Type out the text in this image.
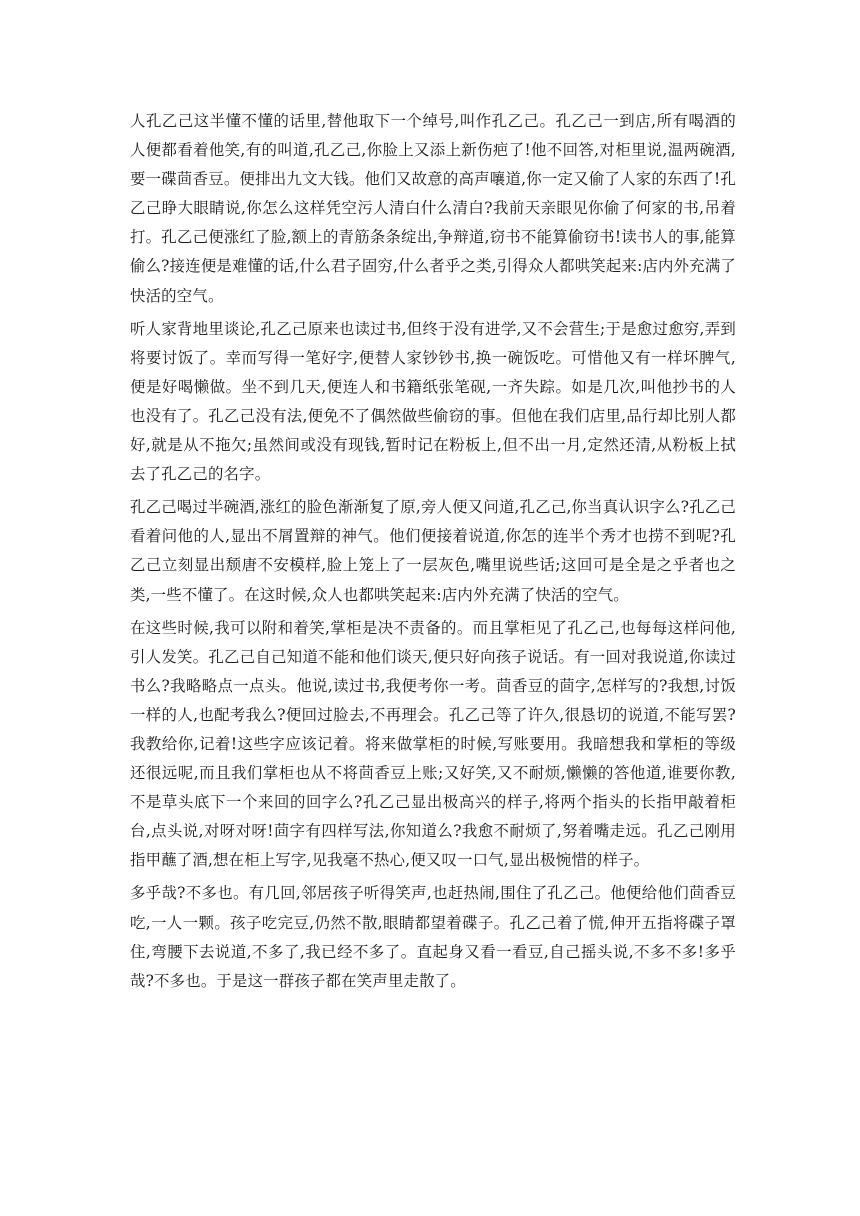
人孔乙己这半懂不懂的话里,替他取下一个绰号,叫作孔乙己。孔乙己一到店,所有喝酒的人便都看着他笑,有的叫道,孔乙己,你脸上又添上新伤疤了!他不回答,对柜里说,温两碗酒,要一碟茴香豆。便排出九文大钱。他们又故意的高声嚷道,你一定又偷了人家的东西了!孔乙己睁大眼睛说,你怎么这样凭空污人清白什么清白?我前天亲眼见你偷了何家的书,吊着打。孔乙己便涨红了脸,额上的青筋条条绽出,争辩道,窃书不能算偷窃书!读书人的事,能算偷么?接连便是难懂的话,什么君子固穷,什么者乎之类,引得众人都哄笑起来:店内外充满了快活的空气。

听人家背地里谈论,孔乙己原来也读过书,但终于没有进学,又不会营生;于是愈过愈穷,弄到将要讨饭了。幸而写得一笔好字,便替人家钞钞书,换一碗饭吃。可惜他又有一样坏脾气,便是好喝懒做。坐不到几天,便连人和书籍纸张笔砚,一齐失踪。如是几次,叫他抄书的人也没有了。孔乙己没有法,便免不了偶然做些偷窃的事。但他在我们店里,品行却比别人都好,就是从不拖欠;虽然间或没有现钱,暂时记在粉板上,但不出一月,定然还清,从粉板上拭去了孔乙己的名字。

孔乙己喝过半碗酒,涨红的脸色渐渐复了原,旁人便又问道,孔乙己,你当真认识字么?孔乙己看着问他的人,显出不屑置辩的神气。他们便接着说道,你怎的连半个秀才也捞不到呢?孔乙己立刻显出颓唐不安模样,脸上笼上了一层灰色,嘴里说些话;这回可是全是之乎者也之类,一些不懂了。在这时候,众人也都哄笑起来:店内外充满了快活的空气。

在这些时候,我可以附和着笑,掌柜是决不责备的。而且掌柜见了孔乙己,也每每这样问他,引人发笑。孔乙己自己知道不能和他们谈天,便只好向孩子说话。有一回对我说道,你读过书么?我略略点一点头。他说,读过书,我便考你一考。茴香豆的茴字,怎样写的?我想,讨饭一样的人,也配考我么?便回过脸去,不再理会。孔乙己等了许久,很恳切的说道,不能写罢?我教给你,记着!这些字应该记着。将来做掌柜的时候,写账要用。我暗想我和掌柜的等级还很远呢,而且我们掌柜也从不将茴香豆上账;又好笑,又不耐烦,懒懒的答他道,谁要你教,不是草头底下一个来回的回字么?孔乙己显出极高兴的样子,将两个指头的长指甲敲着柜台,点头说,对呀对呀!茴字有四样写法,你知道么?我愈不耐烦了,努着嘴走远。孔乙己刚用指甲蘸了酒,想在柜上写字,见我毫不热心,便又叹一口气,显出极惋惜的样子。

多乎哉?不多也。有几回,邻居孩子听得笑声,也赶热闹,围住了孔乙己。他便给他们茴香豆吃,一人一颗。孩子吃完豆,仍然不散,眼睛都望着碟子。孔乙己着了慌,伸开五指将碟子罩住,弯腰下去说道,不多了,我已经不多了。直起身又看一看豆,自己摇头说,不多不多!多乎哉?不多也。于是这一群孩子都在笑声里走散了。
